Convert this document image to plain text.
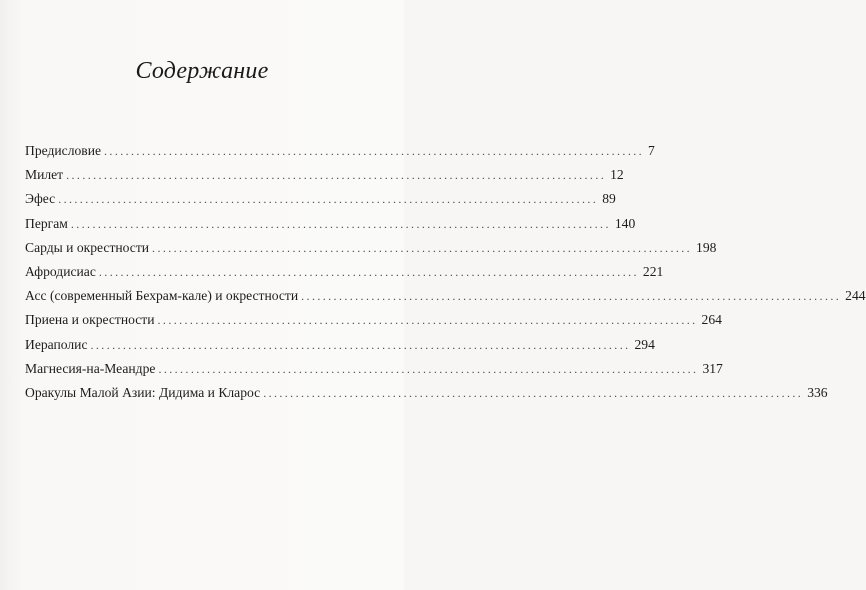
Содержание
Предисловие .................................................................................................... 7
Милет .................................................................................................... 12
Эфес .................................................................................................... 89
Пергам .................................................................................................... 140
Сарды и окрестности .................................................................................................... 198
Афродисиас .................................................................................................... 221
Асс (современный Бехрам-кале) и окрестности .................................................................................................... 244
Приена и окрестности .................................................................................................... 264
Иераполис .................................................................................................... 294
Магнесия-на-Меандре .................................................................................................... 317
Оракулы Малой Азии: Дидима и Кларос .................................................................................................... 336
